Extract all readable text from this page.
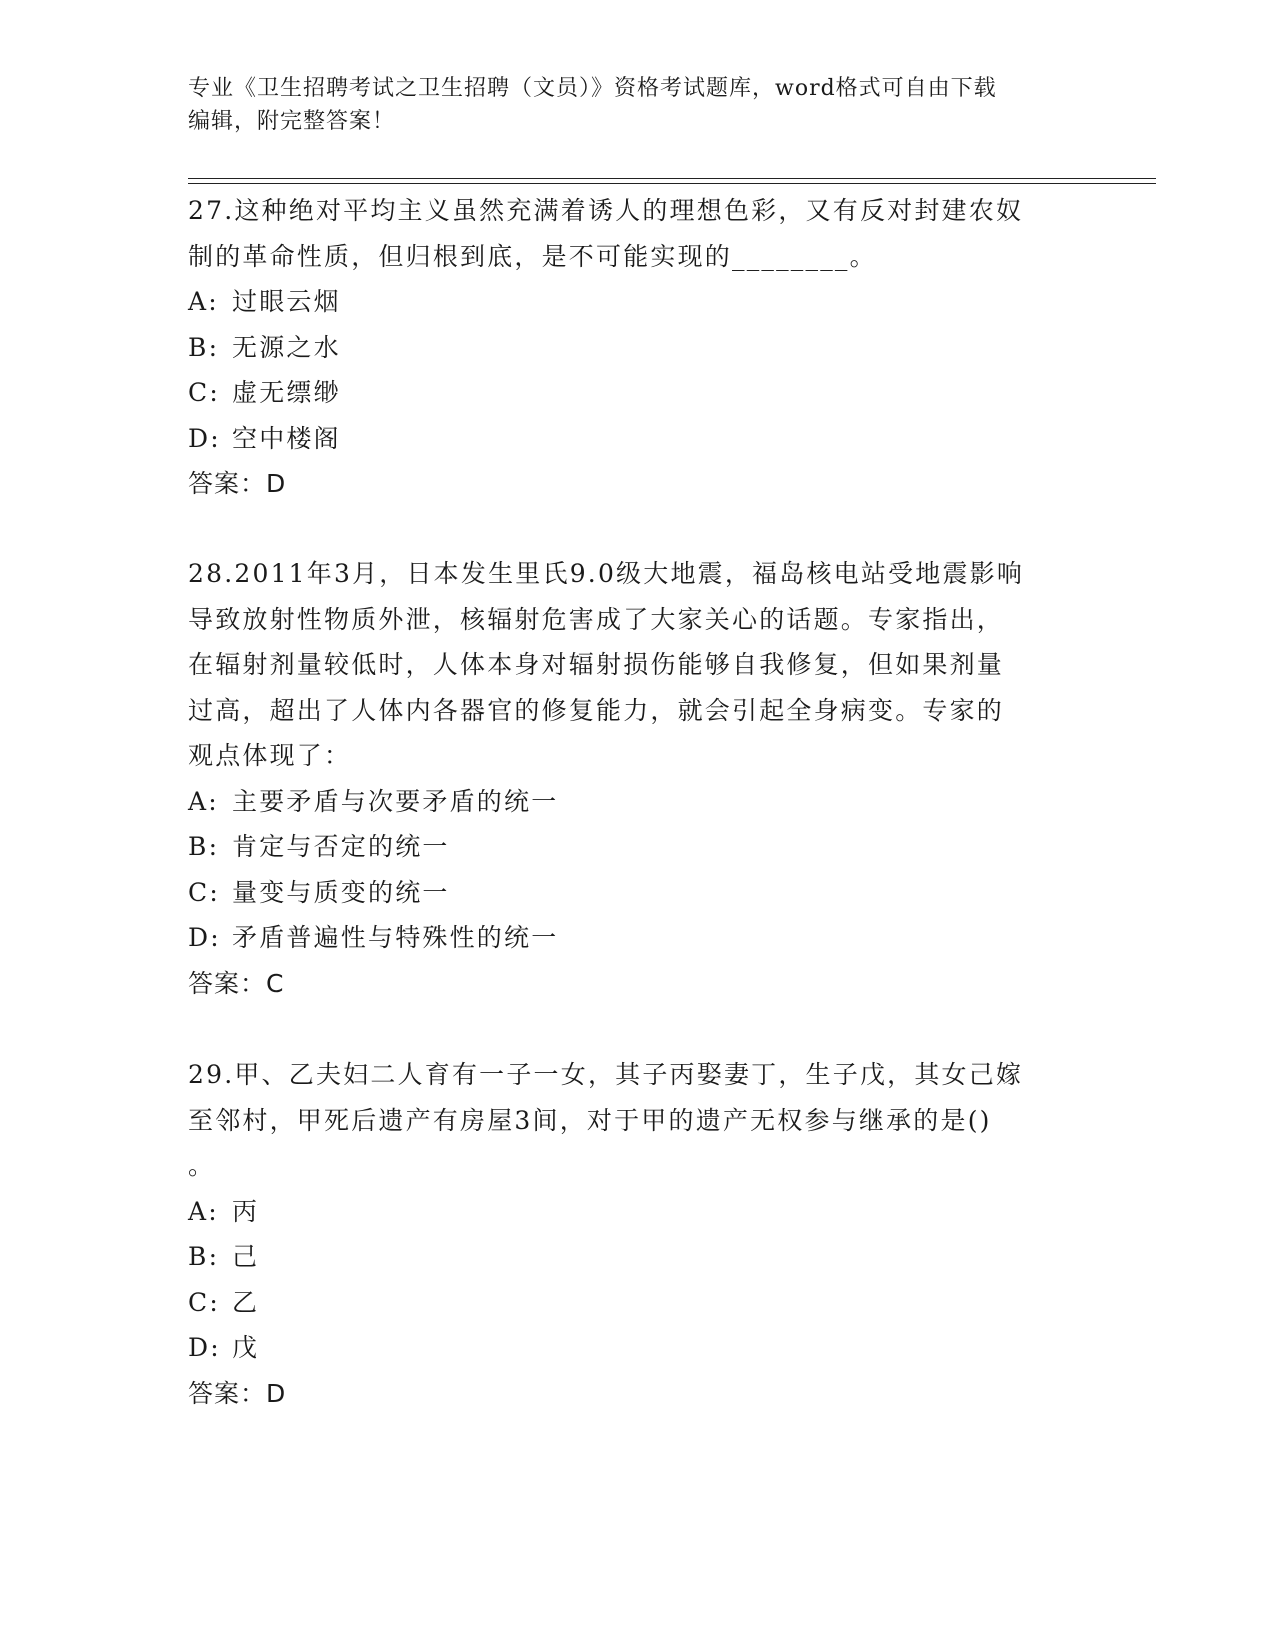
专业《卫生招聘考试之卫生招聘（文员）》资格考试题库，word格式可自由下载
编辑，附完整答案！
27.这种绝对平均主义虽然充满着诱人的理想色彩，又有反对封建农奴
制的革命性质，但归根到底，是不可能实现的________。
A: 过眼云烟
B: 无源之水
C: 虚无缥缈
D: 空中楼阁
答案：D
28.2011年3月，日本发生里氏9.0级大地震，福岛核电站受地震影响
导致放射性物质外泄，核辐射危害成了大家关心的话题。专家指出，
在辐射剂量较低时，人体本身对辐射损伤能够自我修复，但如果剂量
过高，超出了人体内各器官的修复能力，就会引起全身病变。专家的
观点体现了：
A: 主要矛盾与次要矛盾的统一
B: 肯定与否定的统一
C: 量变与质变的统一
D: 矛盾普遍性与特殊性的统一
答案：C
29.甲、乙夫妇二人育有一子一女，其子丙娶妻丁，生子戊，其女己嫁
至邻村，甲死后遗产有房屋3间，对于甲的遗产无权参与继承的是()
。
A: 丙
B: 己
C: 乙
D: 戊
答案：D
